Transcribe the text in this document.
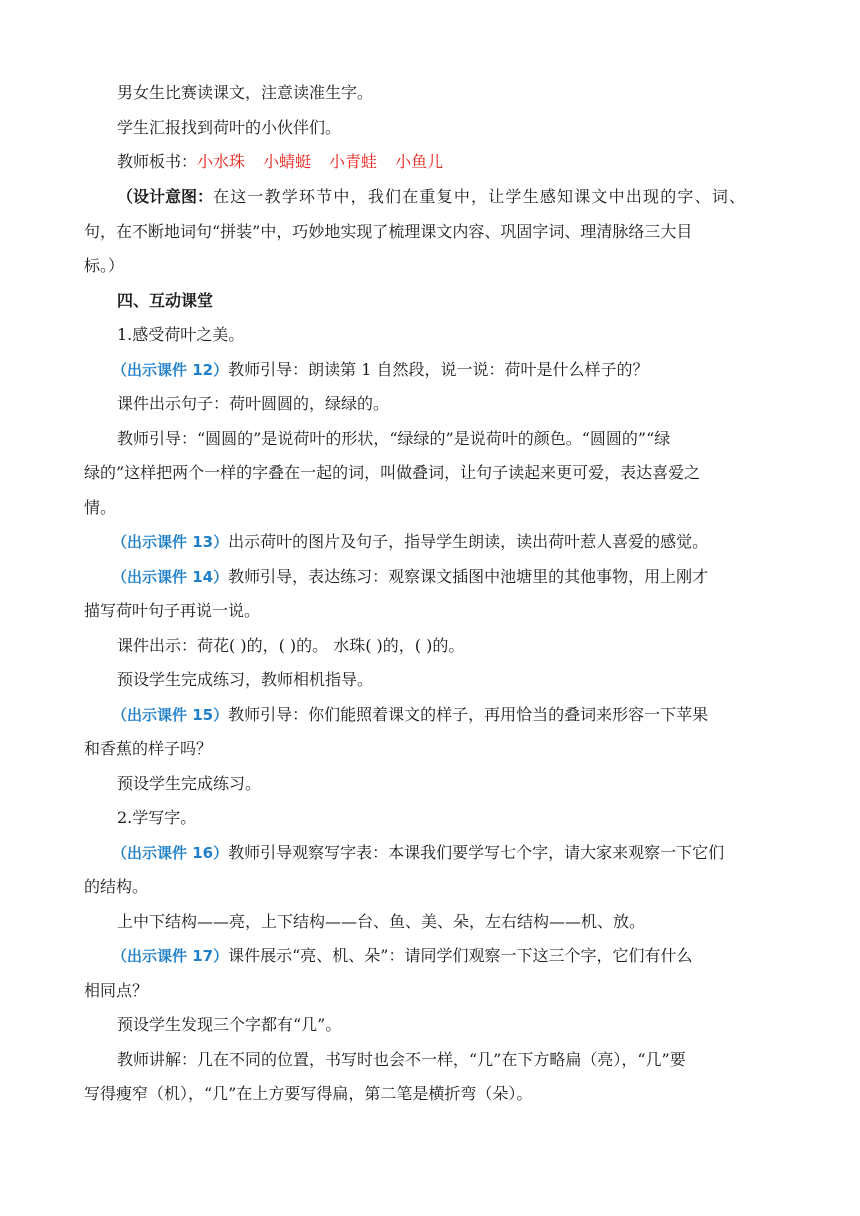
男女生比赛读课文，注意读准生字。
学生汇报找到荷叶的小伙伴们。
教师板书：小水珠 小蜻蜓 小青蛙 小鱼儿
（设计意图：在这一教学环节中，我们在重复中，让学生感知课文中出现的字、词、
句，在不断地词句“拼装”中，巧妙地实现了梳理课文内容、巩固字词、理清脉络三大目
标。）
四、互动课堂
1.感受荷叶之美。
（出示课件 12）教师引导：朗读第 1 自然段，说一说：荷叶是什么样子的？
课件出示句子：荷叶圆圆的，绿绿的。
教师引导：“圆圆的”是说荷叶的形状，“绿绿的”是说荷叶的颜色。“圆圆的”“绿
绿的”这样把两个一样的字叠在一起的词，叫做叠词，让句子读起来更可爱，表达喜爱之
情。
（出示课件 13）出示荷叶的图片及句子，指导学生朗读，读出荷叶惹人喜爱的感觉。
（出示课件 14）教师引导，表达练习：观察课文插图中池塘里的其他事物，用上刚才
描写荷叶句子再说一说。
课件出示：荷花( )的，( )的。 水珠( )的，( )的。
预设学生完成练习，教师相机指导。
（出示课件 15）教师引导：你们能照着课文的样子，再用恰当的叠词来形容一下苹果
和香蕉的样子吗？
预设学生完成练习。
2.学写字。
（出示课件 16）教师引导观察写字表：本课我们要学写七个字，请大家来观察一下它们
的结构。
上中下结构——亮，上下结构——台、鱼、美、朵，左右结构——机、放。
（出示课件 17）课件展示“亮、机、朵”：请同学们观察一下这三个字，它们有什么
相同点？
预设学生发现三个字都有“几”。
教师讲解：几在不同的位置，书写时也会不一样，“几”在下方略扁（亮），“几”要
写得瘦窄（机），“几”在上方要写得扁，第二笔是横折弯（朵）。
